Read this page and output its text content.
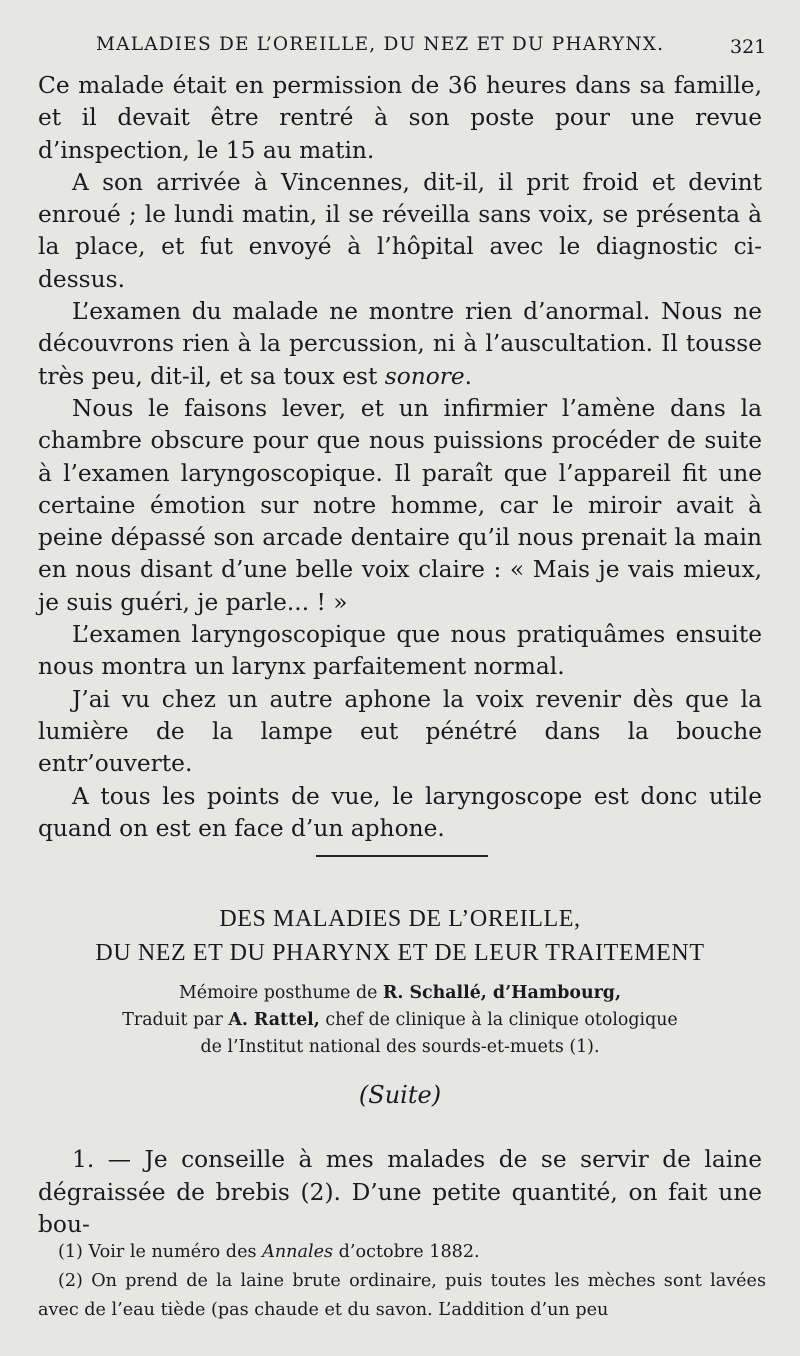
MALADIES DE L’OREILLE, DU NEZ ET DU PHARYNX.	321

Ce malade était en permission de 36 heures dans sa famille, et il devait être rentré à son poste pour une revue d’inspection, le 15 au matin.

A son arrivée à Vincennes, dit-il, il prit froid et devint enroué ; le lundi matin, il se réveilla sans voix, se présenta à la place, et fut envoyé à l’hôpital avec le diagnostic ci-dessus.

L’examen du malade ne montre rien d’anormal. Nous ne découvrons rien à la percussion, ni à l’auscultation. Il tousse très peu, dit-il, et sa toux est sonore.

Nous le faisons lever, et un infirmier l’amène dans la chambre obscure pour que nous puissions procéder de suite à l’examen laryngoscopique. Il paraît que l’appareil fit une certaine émotion sur notre homme, car le miroir avait à peine dépassé son arcade dentaire qu’il nous prenait la main en nous disant d’une belle voix claire : « Mais je vais mieux, je suis guéri, je parle... ! »

L’examen laryngoscopique que nous pratiquâmes ensuite nous montra un larynx parfaitement normal.

J’ai vu chez un autre aphone la voix revenir dès que la lumière de la lampe eut pénétré dans la bouche entr’ouverte.

A tous les points de vue, le laryngoscope est donc utile quand on est en face d’un aphone.

DES MALADIES DE L’OREILLE,
DU NEZ ET DU PHARYNX ET DE LEUR TRAITEMENT
Mémoire posthume de R. Schallé, d’Hambourg,
Traduit par A. Rattel, chef de clinique à la clinique otologique
de l’Institut national des sourds-et-muets (1).
(Suite)

1. — Je conseille à mes malades de se servir de laine dégraissée de brebis (2). D’une petite quantité, on fait une bou-

(1) Voir le numéro des Annales d’octobre 1882.

(2) On prend de la laine brute ordinaire, puis toutes les mèches sont lavées avec de l’eau tiède (pas chaude et du savon. L’addition d’un peu
